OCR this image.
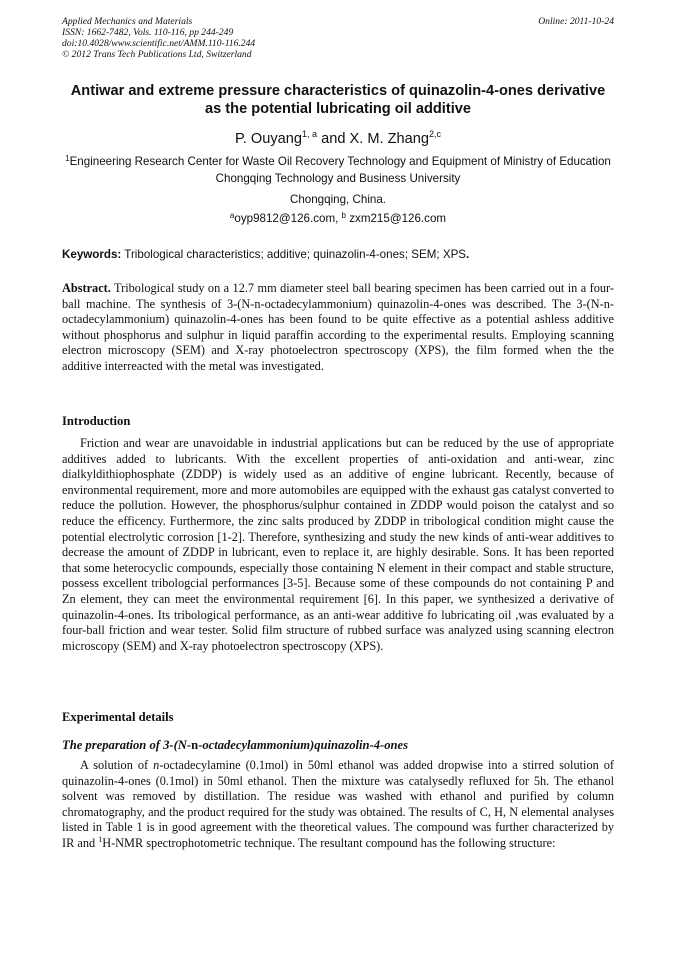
Applied Mechanics and Materials
ISSN: 1662-7482, Vols. 110-116, pp 244-249
doi:10.4028/www.scientific.net/AMM.110-116.244
© 2012 Trans Tech Publications Ltd, Switzerland
Online: 2011-10-24
Antiwar and extreme pressure characteristics of quinazolin-4-ones derivative as the potential lubricating oil additive
P. Ouyang$^{1, a}$ and X. M. Zhang$^{2,c}$

$^1$Engineering Research Center for Waste Oil Recovery Technology and Equipment of Ministry of Education Chongqing Technology and Business University

Chongqing, China.
$^a$oyp9812@126.com, $^b$ zxm215@126.com
Keywords: Tribological characteristics; additive; quinazolin-4-ones; SEM; XPS.

Abstract. Tribological study on a 12.7 mm diameter steel ball bearing specimen has been carried out in a four-ball machine. The synthesis of 3-(N-n-octadecylammonium) quinazolin-4-ones was described. The 3-(N-n-octadecylammonium) quinazolin-4-ones has been found to be quite effective as a potential ashless additive without phosphorus and sulphur in liquid paraffin according to the experimental results. Employing scanning electron microscopy (SEM) and X-ray photoelectron spectroscopy (XPS), the film formed when the the additive interreacted with the metal was investigated.

Introduction

Friction and wear are unavoidable in industrial applications but can be reduced by the use of appropriate additives added to lubricants. With the excellent properties of anti-oxidation and anti-wear, zinc dialkyldithiophosphate (ZDDP) is widely used as an additive of engine lubricant. Recently, because of environmental requirement, more and more automobiles are equipped with the exhaust gas catalyst converted to reduce the pollution. However, the phosphorus/sulphur contained in ZDDP would poison the catalyst and so reduce the efficency. Furthermore, the zinc salts produced by ZDDP in tribological condition might cause the potential electrolytic corrosion [1-2]. Therefore, synthesizing and study the new kinds of anti-wear additives to decrease the amount of ZDDP in lubricant, even to replace it, are highly desirable. Sons. It has been reported that some heterocyclic compounds, especially those containing N element in their compact and stable structure, possess excellent tribologcial performances [3-5]. Because some of these compounds do not containing P and Zn element, they can meet the environmental requirement [6]. In this paper, we synthesized a derivative of quinazolin-4-ones. Its tribological performance, as an anti-wear additive fo lubricating oil ,was evaluated by a four-ball friction and wear tester. Solid film structure of rubbed surface was analyzed using scanning electron microscopy (SEM) and X-ray photoelectron spectroscopy (XPS).

Experimental details
The preparation of 3-(N-n-octadecylammonium)quinazolin-4-ones

A solution of n-octadecylamine (0.1mol) in 50ml ethanol was added dropwise into a stirred solution of quinazolin-4-ones (0.1mol) in 50ml ethanol. Then the mixture was catalysedly refluxed for 5h. The ethanol solvent was removed by distillation. The residue was washed with ethanol and purified by column chromatography, and the product required for the study was obtained. The results of C, H, N elemental analyses listed in Table 1 is in good agreement with the theoretical values. The compound was further characterized by IR and $^1$H-NMR spectrophotometric technique. The resultant compound has the following structure:
